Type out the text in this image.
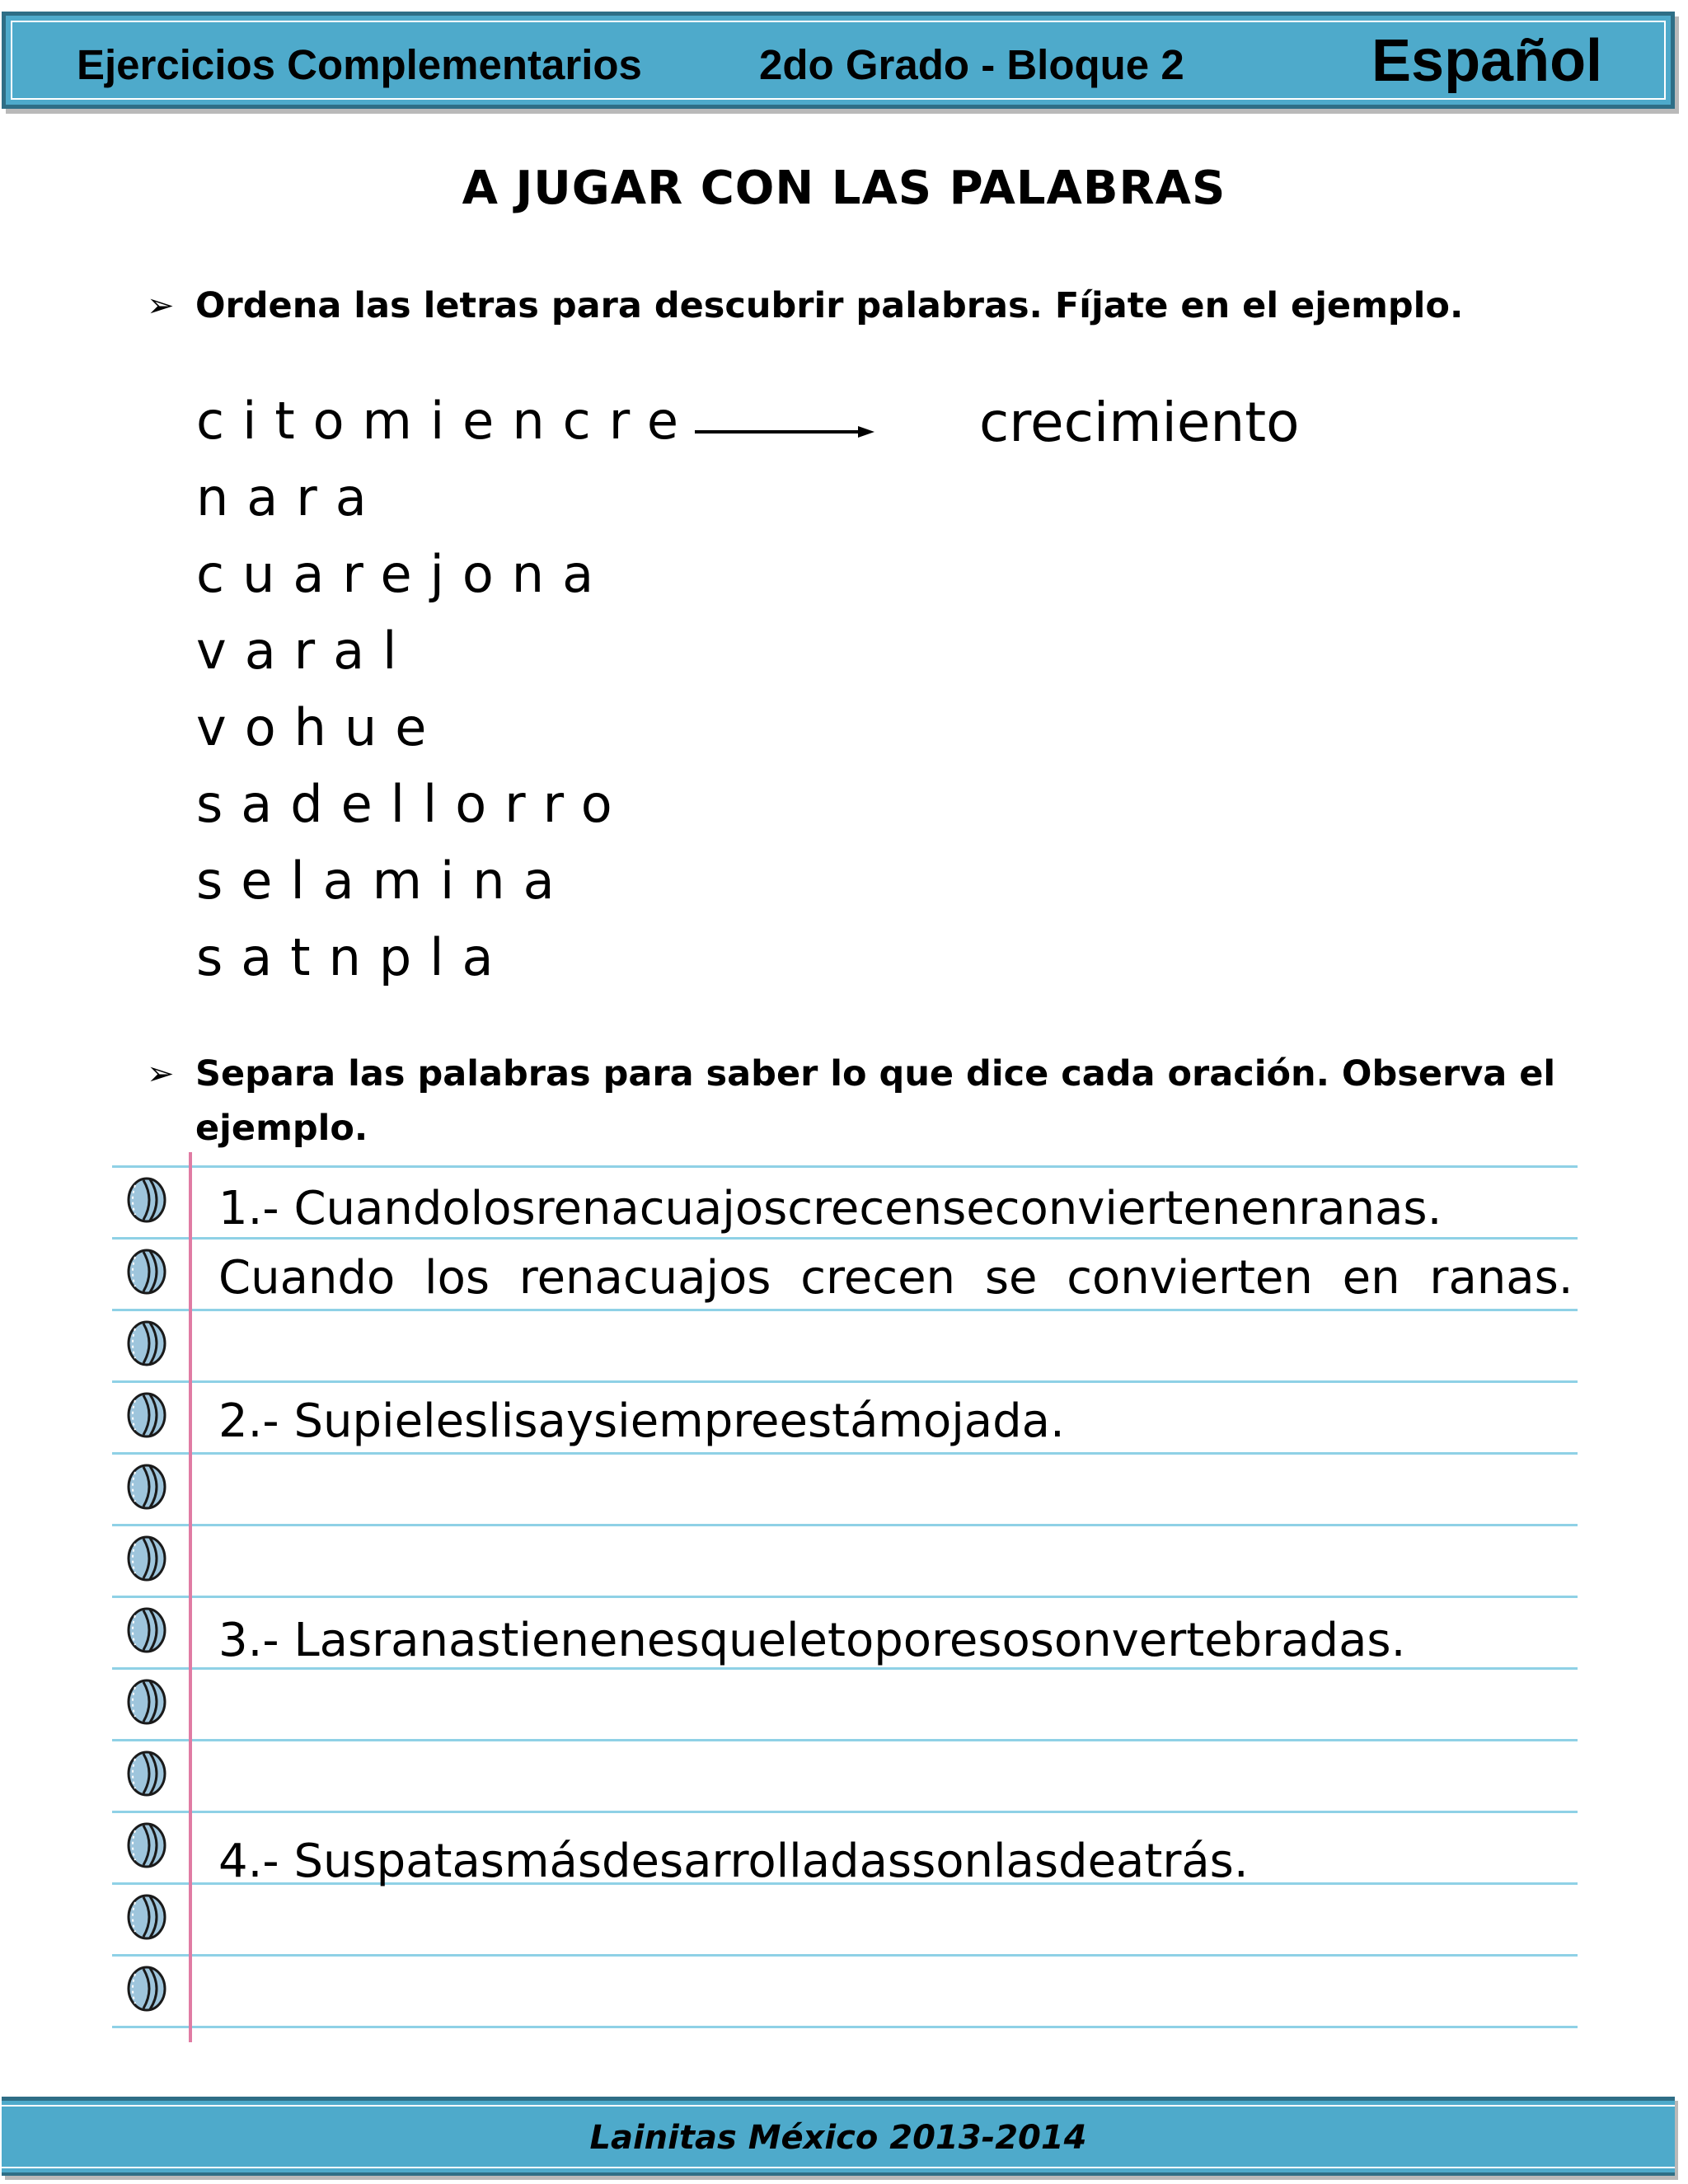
Ejercicios Complementarios	2do Grado - Bloque 2	Español
A JUGAR CON LAS PALABRAS
➢ Ordena las letras para descubrir palabras. Fíjate en el ejemplo.
citomiencre	crecimiento
nara
cuarejona
varal
vohue
sadellorro
selamina
satnpla
➢ Separa las palabras para saber lo que dice cada oración. Observa el
ejemplo.
1.- Cuandolosrenacuajoscrecenseconviertenenranas.
Cuando los renacuajos crecen se convierten en ranas.
2.- Supieleslisaysiempreestámojada.
3.- Lasranastienenesqueletoporesosonvertebradas.
4.- Suspatasmásdesarrolladassonlasdeatrás.
Lainitas México 2013-2014
